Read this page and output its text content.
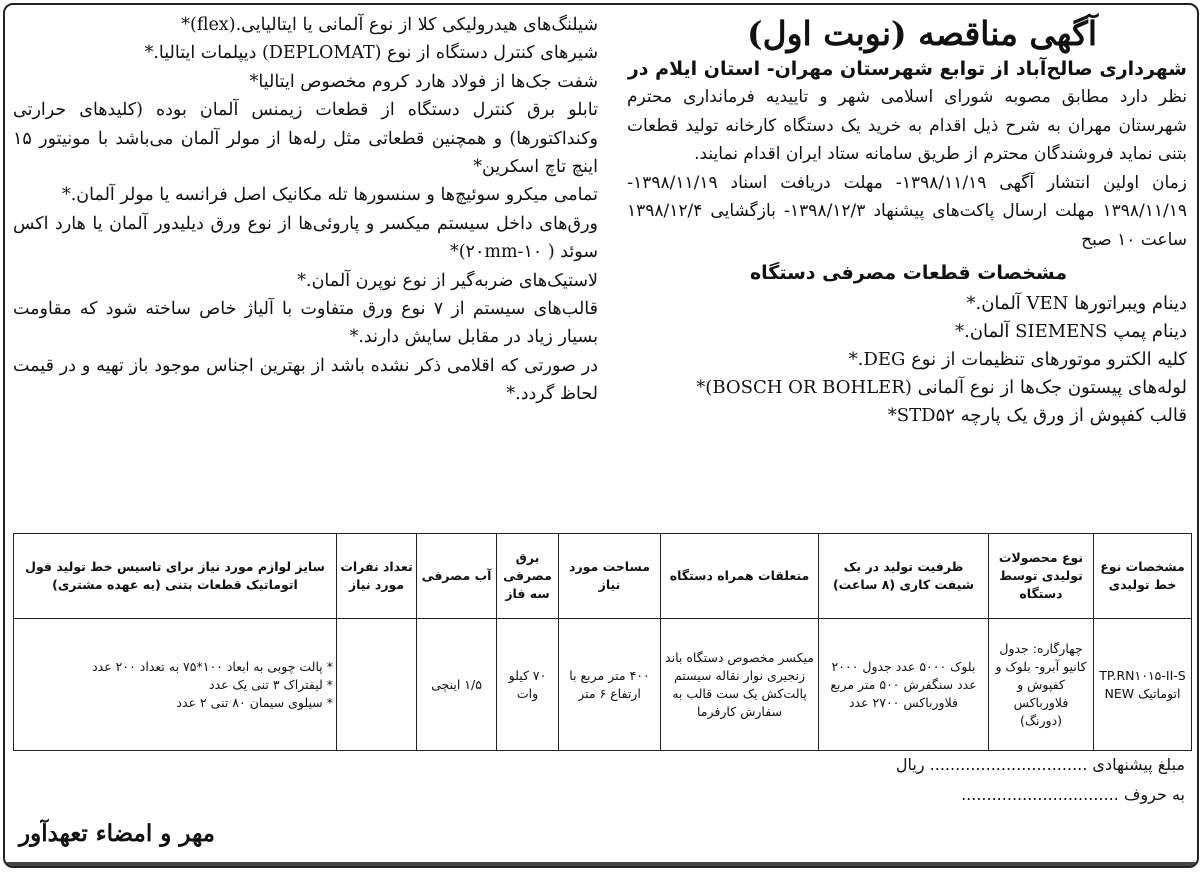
آگهی مناقصه (نوبت اول)

شهرداری صالح‌آباد از توابع شهرستان مهران- استان ایلام در

نظر دارد مطابق مصوبه شورای اسلامی شهر و تاییدیه فرمانداری محترم شهرستان مهران به شرح ذیل اقدام به خرید یک دستگاه کارخانه تولید قطعات بتنی نماید فروشندگان محترم از طریق سامانه ستاد ایران اقدام نمایند.

زمان اولین انتشار آگهی ۱۳۹۸/۱۱/۱۹- مهلت دریافت اسناد ۱۳۹۸/۱۱/۱۹- ۱۳۹۸/۱۱/۱۹ مهلت ارسال پاکت‌های پیشنهاد ۱۳۹۸/۱۲/۳- بازگشایی ۱۳۹۸/۱۲/۴ ساعت ۱۰ صبح

مشخصات قطعات مصرفی دستگاه

دینام ویبراتورها VEN آلمان. *

دینام پمپ SIEMENS آلمان. *

کلیه الکترو موتورهای تنظیمات از نوع DEG. *

لوله‌های پیستون جک‌ها از نوع آلمانی (BOSCH OR BOHLER) *

قالب کفپوش از ورق یک پارچه STD۵۲ *

شیلنگ‌های هیدرولیکی کلا از نوع آلمانی یا ایتالیایی.(flex) *

شیرهای کنترل دستگاه از نوع (DEPLOMAT) دیپلمات ایتالیا. *

شفت جک‌ها از فولاد هارد کروم مخصوص ایتالیا *

تابلو برق کنترل دستگاه از قطعات زیمنس آلمان بوده (کلیدهای حرارتی وکنداکتورها) و همچنین قطعاتی مثل رله‌ها از مولر آلمان می‌باشد با مونیتور ۱۵ اینچ تاچ اسکرین *

تمامی میکرو سوئیچ‌ها و سنسورها تله مکانیک اصل فرانسه یا مولر آلمان. *

ورق‌های داخل سیستم میکسر و پاروئی‌ها از نوع ورق دیلیدور آلمان یا هارد اکس سوئد ( ۱۰-۲۰mm) *

لاستیک‌های ضربه‌گیر از نوع نوپرن آلمان. *

قالب‌های سیستم از ۷ نوع ورق متفاوت با آلیاژ خاص ساخته شود که مقاومت بسیار زیاد در مقابل سایش دارند. *

در صورتی که اقلامی ذکر نشده باشد از بهترین اجناس موجود باز تهیه و در قیمت لحاظ گردد. *

مشخصات نوع خط تولیدی	نوع محصولات تولیدی توسط دستگاه	ظرفیت تولید در یک شیفت کاری (۸ ساعت)	متعلقات همراه دستگاه	مساحت مورد نیاز	برق مصرفی سه فاز	آب مصرفی	تعداد نفرات مورد نیاز	سایز لوازم مورد نیاز برای تاسیس خط تولید فول اتوماتیک قطعات بتنی (به عهده مشتری)
TP.RN۱۰۱۵-II-S اتوماتیک NEW	چهارگاره: جدول کانیو آبرو- بلوک و کفپوش و فلاورباکس (دورنگ)	بلوک ۵۰۰۰ عدد جدول ۲۰۰۰ عدد سنگفرش ۵۰۰ متر مربع فلاورباکس ۲۷۰۰ عدد	میکسر مخصوص دستگاه باند زنجیری نوار نقاله سیستم پالت‌کش یک ست قالب به سفارش کارفرما	۴۰۰ متر مربع با ارتفاع ۶ متر	۷۰ کیلو وات	۱/۵ اینچی		* پالت چوبی به ابعاد ۱۰۰*۷۵ به تعداد ۲۰۰ عدد
* لیفتراک ۳ تنی یک عدد
* سیلوی سیمان ۸۰ تنی ۲ عدد
مبلغ پیشنهادی ............................... ریال
به حروف ...............................
مهر و امضاء تعهدآور
